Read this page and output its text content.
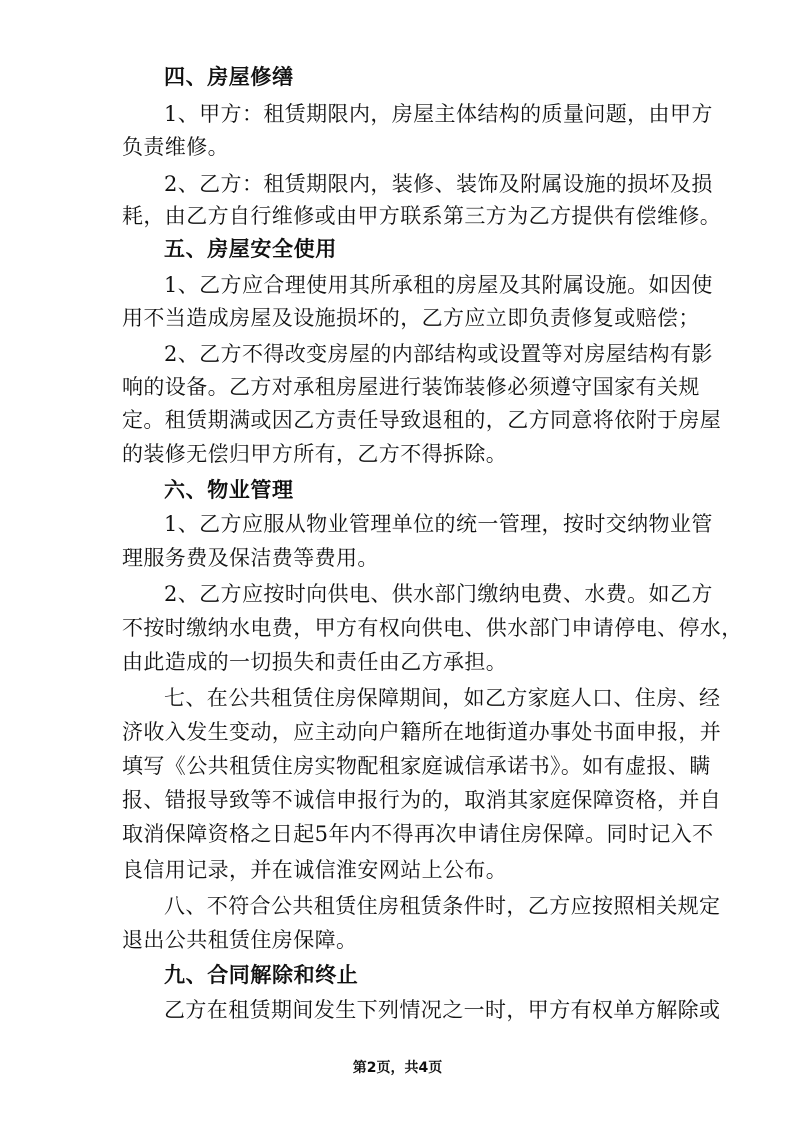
四、房屋修缮
1、甲方：租赁期限内，房屋主体结构的质量问题，由甲方
负责维修。
2、乙方：租赁期限内，装修、装饰及附属设施的损坏及损
耗，由乙方自行维修或由甲方联系第三方为乙方提供有偿维修。
五、房屋安全使用
1、乙方应合理使用其所承租的房屋及其附属设施。如因使
用不当造成房屋及设施损坏的，乙方应立即负责修复或赔偿；
2、乙方不得改变房屋的内部结构或设置等对房屋结构有影
响的设备。乙方对承租房屋进行装饰装修必须遵守国家有关规
定。租赁期满或因乙方责任导致退租的，乙方同意将依附于房屋
的装修无偿归甲方所有，乙方不得拆除。
六、物业管理
1、乙方应服从物业管理单位的统一管理，按时交纳物业管
理服务费及保洁费等费用。
2、乙方应按时向供电、供水部门缴纳电费、水费。如乙方
不按时缴纳水电费，甲方有权向供电、供水部门申请停电、停水，
由此造成的一切损失和责任由乙方承担。
七、在公共租赁住房保障期间，如乙方家庭人口、住房、经
济收入发生变动，应主动向户籍所在地街道办事处书面申报，并
填写《公共租赁住房实物配租家庭诚信承诺书》。如有虚报、瞒
报、错报导致等不诚信申报行为的，取消其家庭保障资格，并自
取消保障资格之日起5年内不得再次申请住房保障。同时记入不
良信用记录，并在诚信淮安网站上公布。
八、不符合公共租赁住房租赁条件时，乙方应按照相关规定
退出公共租赁住房保障。
九、合同解除和终止
乙方在租赁期间发生下列情况之一时，甲方有权单方解除或
第2页，共4页
